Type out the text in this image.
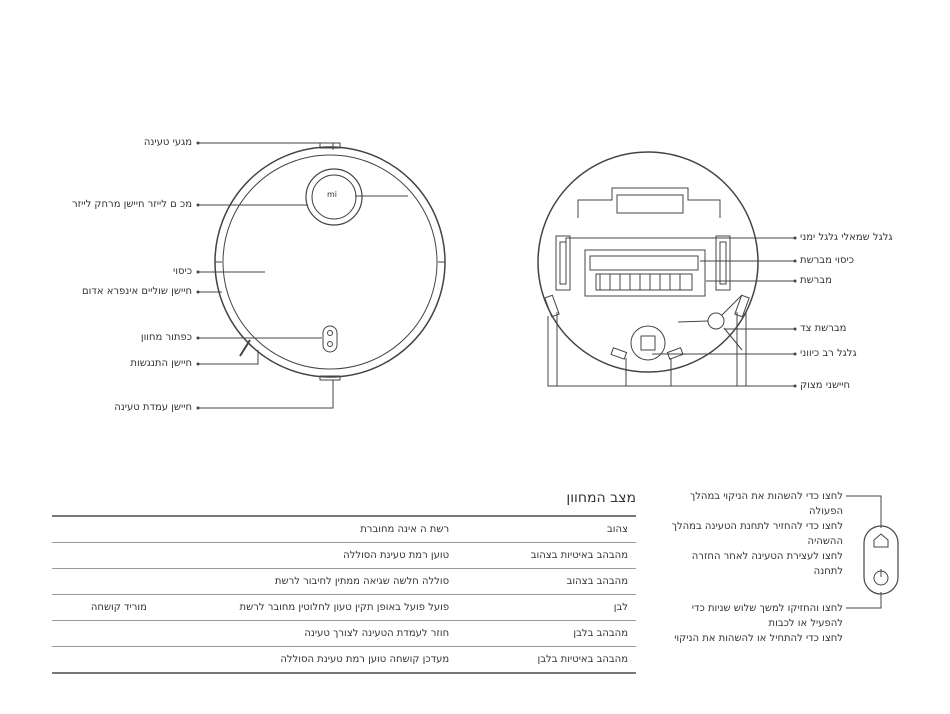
mi
מגעי טעינה
מכ ם לייזר חיישן מרחק לייזר
כיסוי
חיישן שוליים אינפרא אדום
כפתור מחוון
חיישן התנגשות
חיישן עמדת טעינה
גלגל שמאלי גלגל ימני
כיסוי מברשת
מברשת
מברשת צד
גלגל רב כיווני
חיישני מצוק
מצב המחוון
צהוב	רשת ה אינה מחוברת	
מהבהב באיטיות בצהוב	טוען רמת טעינת הסוללה	
מהבהב בצהוב	סוללה חלשה שגיאה ממתין לחיבור לרשת	
לבן	פועל פועל באופן תקין טעון לחלוטין מחובר לרשת	מוריד קושחה
מהבהב בלבן	חוזר לעמדת הטעינה לצורך טעינה	
מהבהב באיטיות בלבן	מעדכן קושחה טוען רמת טעינת הסוללה	
לחצו כדי להשהות את הניקוי במהלך הפעולה
לחצו כדי להחזיר לתחנת הטעינה במהלך ההשהיה
לחצו לעצירת הטעינה לאחר החזרה לתחנה
לחצו והחזיקו למשך שלוש שניות כדי להפעיל או לכבות
לחצו כדי להתחיל או להשהות את הניקוי
